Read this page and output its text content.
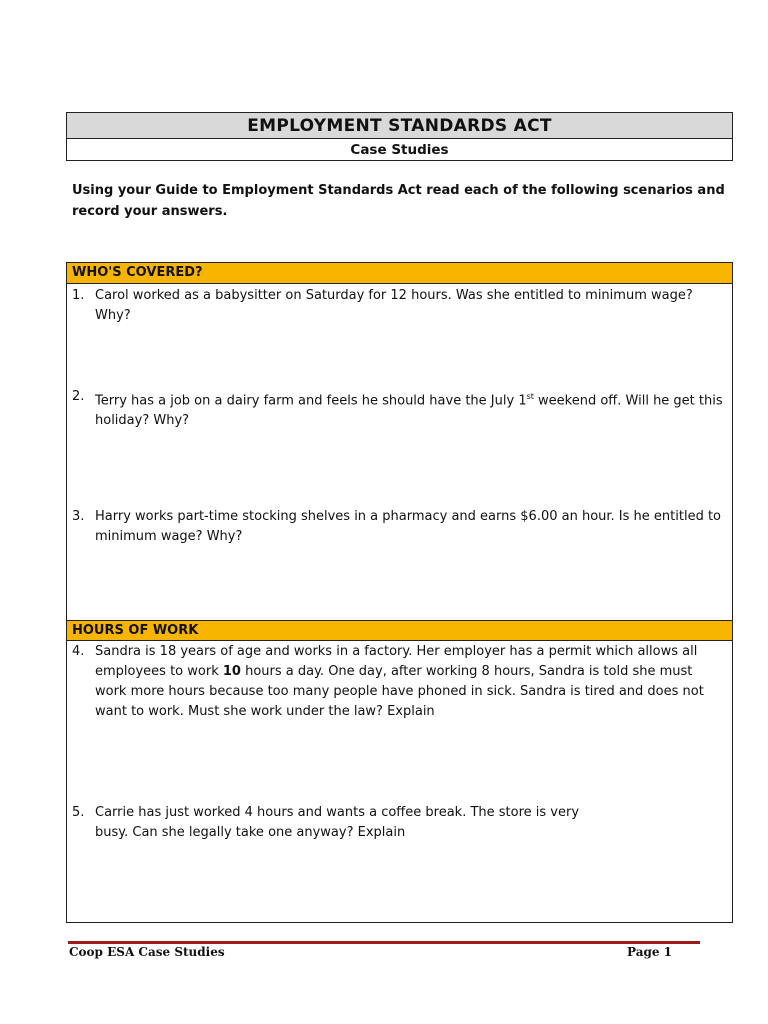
EMPLOYMENT STANDARDS ACT
Case Studies
Using your Guide to Employment Standards Act read each of the following scenarios and record your answers.
WHO'S COVERED?
1. Carol worked as a babysitter on Saturday for 12 hours. Was she entitled to minimum wage? Why?
2. Terry has a job on a dairy farm and feels he should have the July 1st weekend off. Will he get this holiday? Why?
3. Harry works part-time stocking shelves in a pharmacy and earns $6.00 an hour. Is he entitled to minimum wage? Why?
HOURS OF WORK
4. Sandra is 18 years of age and works in a factory. Her employer has a permit which allows all employees to work 10 hours a day. One day, after working 8 hours, Sandra is told she must work more hours because too many people have phoned in sick. Sandra is tired and does not want to work. Must she work under the law? Explain
5. Carrie has just worked 4 hours and wants a coffee break. The store is very busy. Can she legally take one anyway? Explain
Coop ESA Case Studies	Page 1
